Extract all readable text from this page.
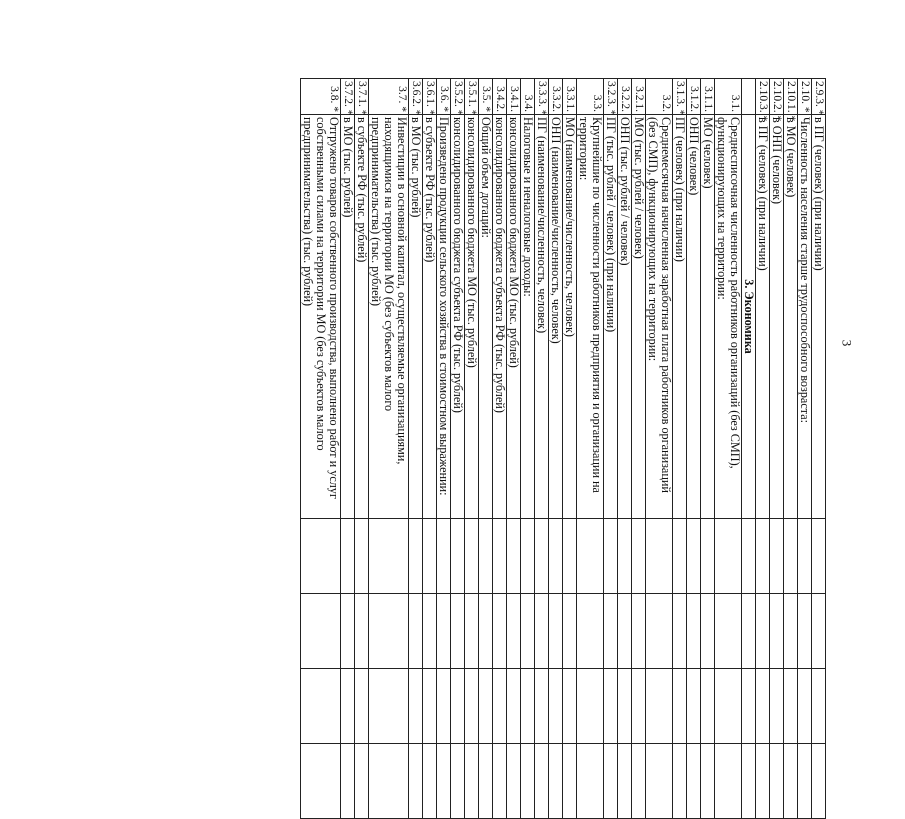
3
2.9.3. *	в ПГ (человек) (при наличии)				
2.10. *	Численность населения старше трудоспособного возраста:				
2.10.1. *	в МО (человек)				
2.10.2. *	в ОНП (человек)				
2.10.3. *	в ПГ (человек) (при наличии)				
	3. Экономика				
3.1.	Среднесписочная численность работников организаций (без СМП), функционирующих на территории:				
3.1.1.	МО (человек)				
3.1.2.	ОНП (человек)				
3.1.3. *	ПГ (человек) (при наличии)				
3.2.	Среднемесячная начисленная заработная плата работников организаций (без СМП), функционирующих на территории:				
3.2.1.	МО (тыс. рублей / человек)				
3.2.2.	ОНП (тыс. рублей / человек)				
3.2.3. *	ПГ (тыс. рублей / человек) (при наличии)				
3.3.	Крупнейшие по численности работников предприятия и организации на территории:				
3.3.1.	МО (наименование/численность, человек)				
3.3.2.	ОНП (наименование/численность, человек)				
3.3.3. *	ПГ (наименование/численность, человек)				
3.4.	Налоговые и неналоговые доходы:				
3.4.1.	консолидированного бюджета МО (тыс. рублей)				
3.4.2.	консолидированного бюджета субъекта РФ (тыс. рублей)				
3.5. *	Общий объем дотаций:				
3.5.1. *	консолидированного бюджета МО (тыс. рублей)				
3.5.2. *	консолидированного бюджета субъекта РФ (тыс. рублей)				
3.6. *	Произведено продукции сельского хозяйства в стоимостном выражении:				
3.6.1. *	в субъекте РФ (тыс. рублей)				
3.6.2. *	в МО (тыс. рублей)				
3.7. *	Инвестиции в основной капитал, осуществляемые организациями, находящимися на территории МО (без субъектов малого предпринимательства) (тыс. рублей)				
3.7.1. *	в субъекте РФ (тыс. рублей)				
3.7.2. *	в МО (тыс. рублей)				
3.8. *	Отгружено товаров собственного производства, выполнено работ и услуг собственными силами на территории МО (без субъектов малого предпринимательства) (тыс. рублей)				
